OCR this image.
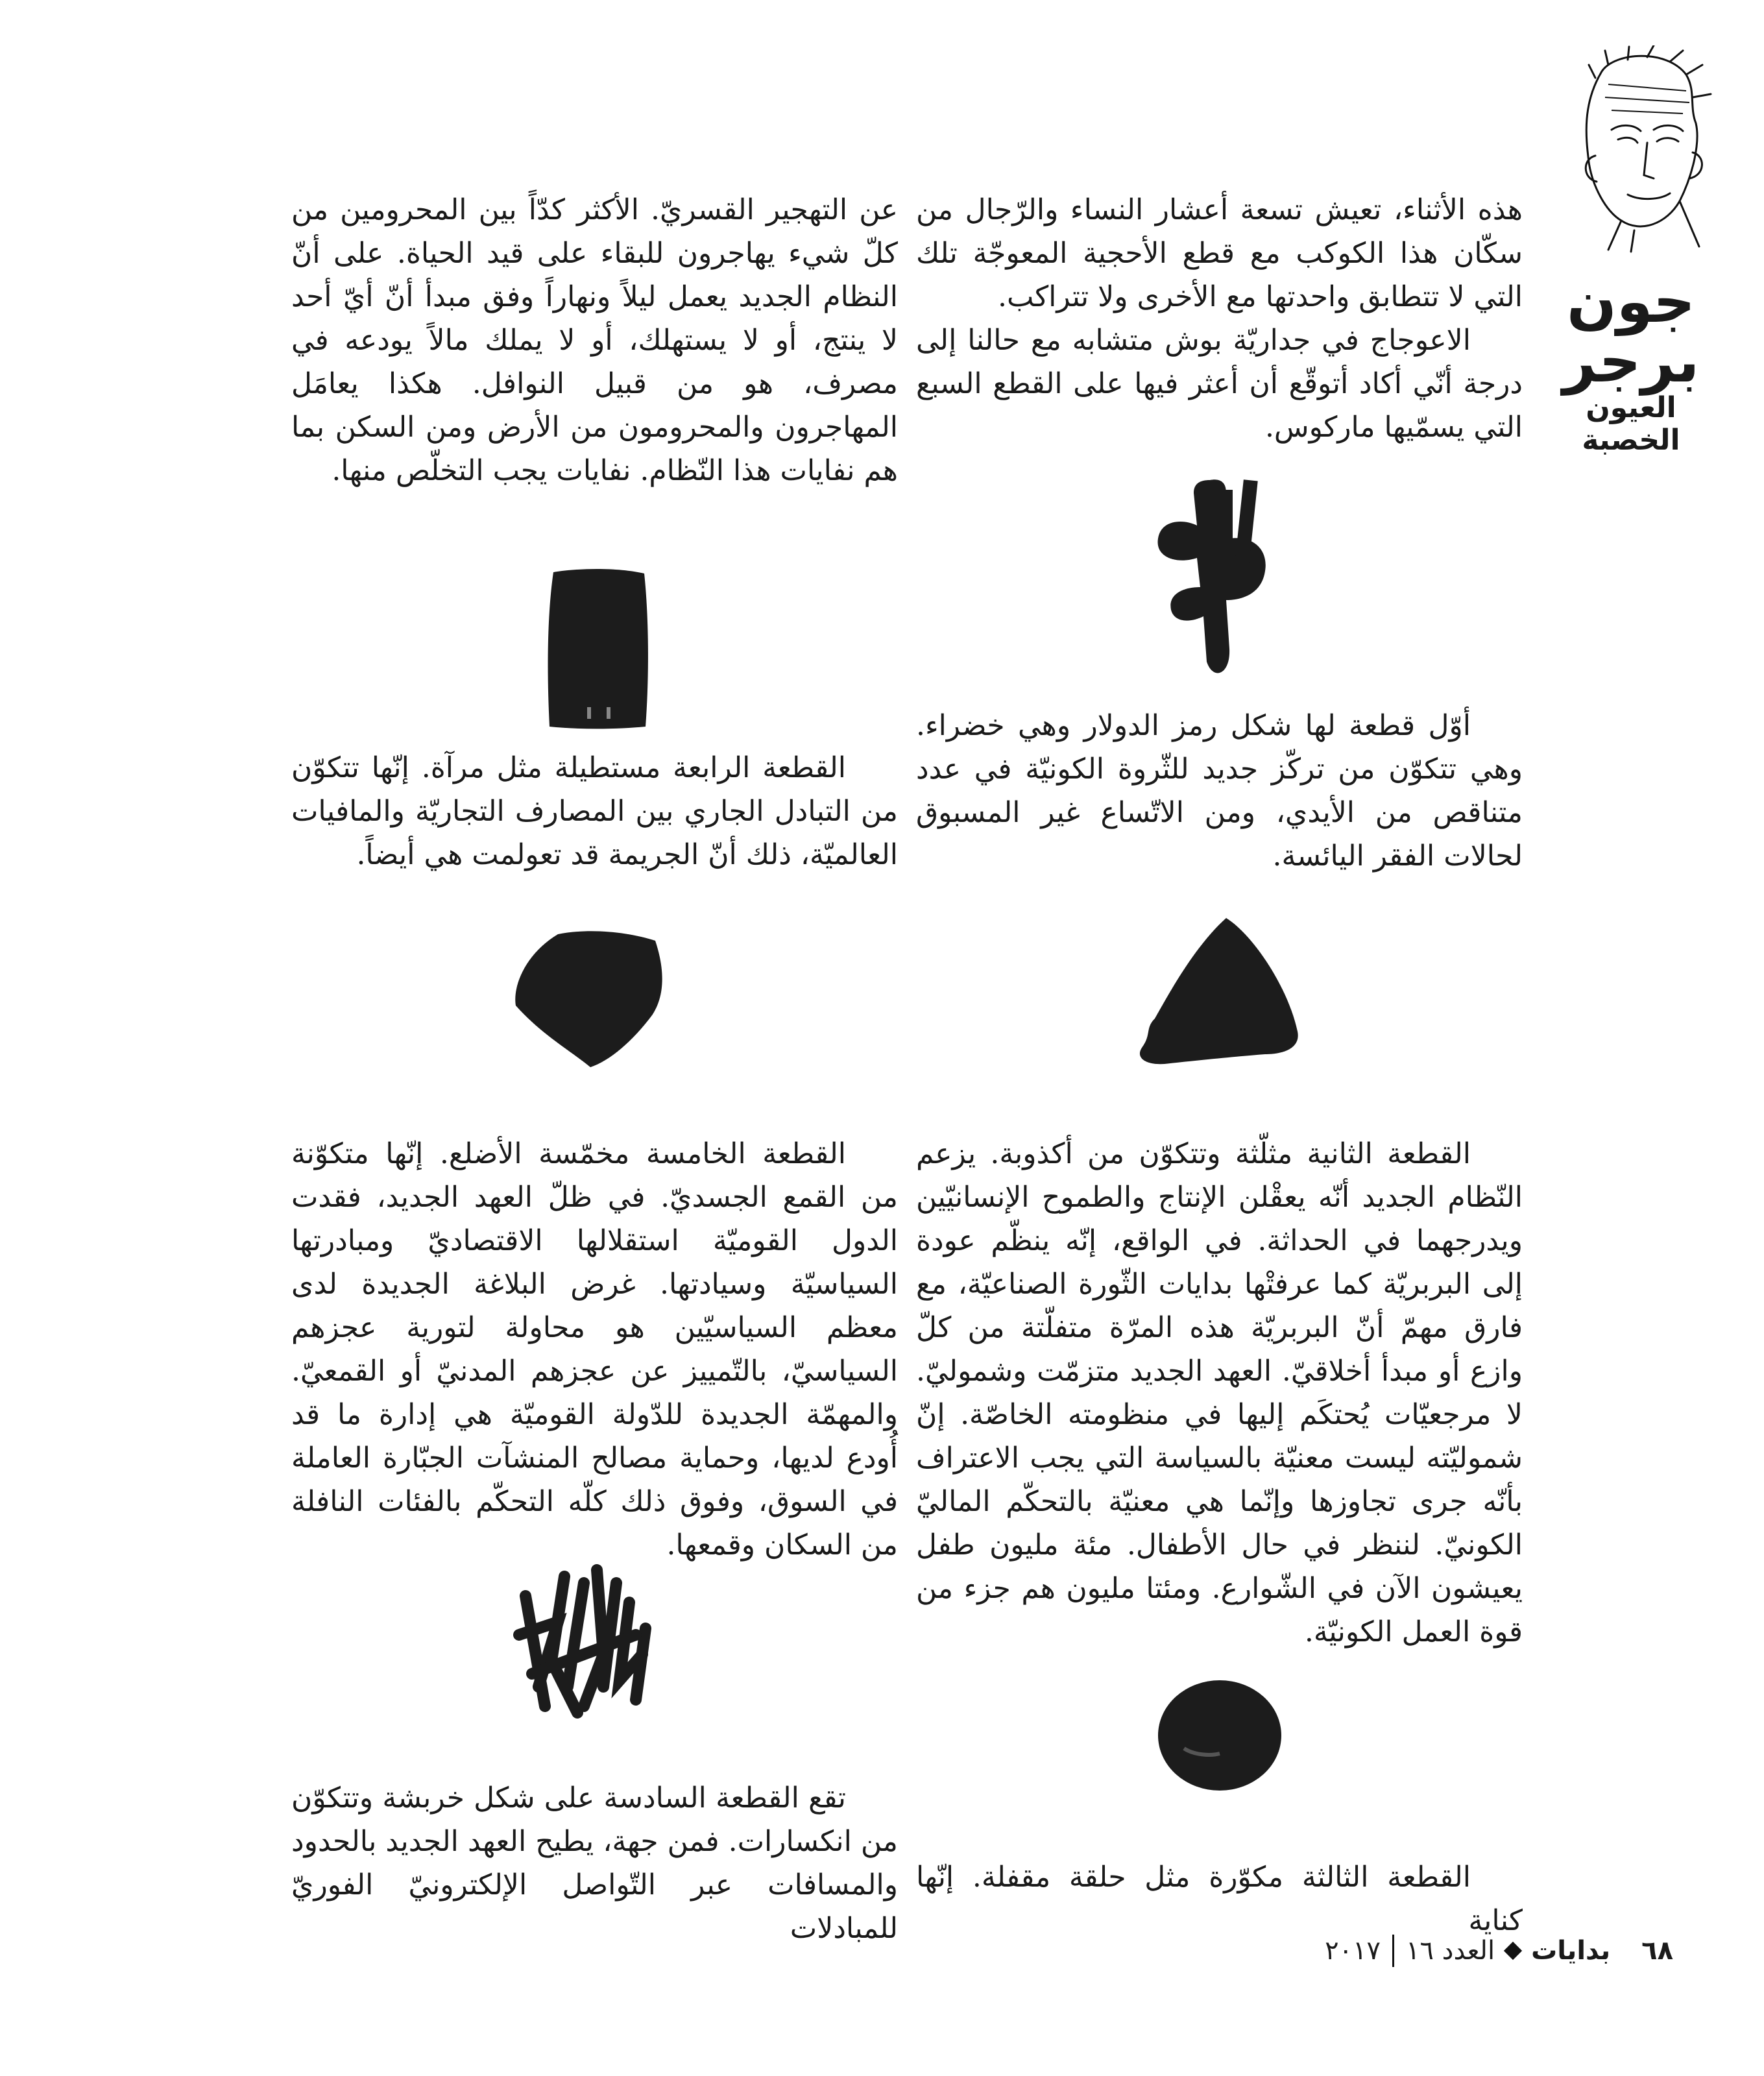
جون برجر
العيون الخصبة

هذه الأثناء، تعيش تسعة أعشار النساء والرّجال من سكّان هذا الكوكب مع قطع الأحجية المعوجّة تلك التي لا تتطابق واحدتها مع الأخرى ولا تتراكب.

الاعوجاج في جداريّة بوش متشابه مع حالنا إلى درجة أنّي أكاد أتوقّع أن أعثر فيها على القطع السبع التي يسمّيها ماركوس.

أوّل قطعة لها شكل رمز الدولار وهي خضراء. وهي تتكوّن من تركّز جديد للثّروة الكونيّة في عدد متناقص من الأيدي، ومن الاتّساع غير المسبوق لحالات الفقر اليائسة.

القطعة الثانية مثلّثة وتتكوّن من أكذوبة. يزعم النّظام الجديد أنّه يعقْلن الإنتاج والطموح الإنسانيّين ويدرجهما في الحداثة. في الواقع، إنّه ينظّم عودة إلى البربريّة كما عرفتْها بدايات الثّورة الصناعيّة، مع فارق مهمّ أنّ البربريّة هذه المرّة متفلّتة من كلّ وازع أو مبدأ أخلاقيّ. العهد الجديد متزمّت وشموليّ. لا مرجعيّات يُحتكَم إليها في منظومته الخاصّة. إنّ شموليّته ليست معنيّة بالسياسة التي يجب الاعتراف بأنّه جرى تجاوزها وإنّما هي معنيّة بالتحكّم الماليّ الكونيّ. لننظر في حال الأطفال. مئة مليون طفل يعيشون الآن في الشّوارع. ومئتا مليون هم جزء من قوة العمل الكونيّة.

القطعة الثالثة مكوّرة مثل حلقة مقفلة. إنّها كناية

عن التهجير القسريّ. الأكثر كدّاً بين المحرومين من كلّ شيء يهاجرون للبقاء على قيد الحياة. على أنّ النظام الجديد يعمل ليلاً ونهاراً وفق مبدأ أنّ أيّ أحد لا ينتج، أو لا يستهلك، أو لا يملك مالاً يودعه في مصرف، هو من قبيل النوافل. هكذا يعامَل المهاجرون والمحرومون من الأرض ومن السكن بما هم نفايات هذا النّظام. نفايات يجب التخلّص منها.

القطعة الرابعة مستطيلة مثل مرآة. إنّها تتكوّن من التبادل الجاري بين المصارف التجاريّة والمافيات العالميّة، ذلك أنّ الجريمة قد تعولمت هي أيضاً.

القطعة الخامسة مخمّسة الأضلع. إنّها متكوّنة من القمع الجسديّ. في ظلّ العهد الجديد، فقدت الدول القوميّة استقلالها الاقتصاديّ ومبادرتها السياسيّة وسيادتها. غرض البلاغة الجديدة لدى معظم السياسيّين هو محاولة لتورية عجزهم السياسيّ، بالتّمييز عن عجزهم المدنيّ أو القمعيّ. والمهمّة الجديدة للدّولة القوميّة هي إدارة ما قد أُودع لديها، وحماية مصالح المنشآت الجبّارة العاملة في السوق، وفوق ذلك كلّه التحكّم بالفئات النافلة من السكان وقمعها.

تقع القطعة السادسة على شكل خربشة وتتكوّن من انكسارات. فمن جهة، يطيح العهد الجديد بالحدود والمسافات عبر التّواصل الإلكترونيّ الفوريّ للمبادلات

٦٨
بدايات
العدد ١٦
٢٠١٧
